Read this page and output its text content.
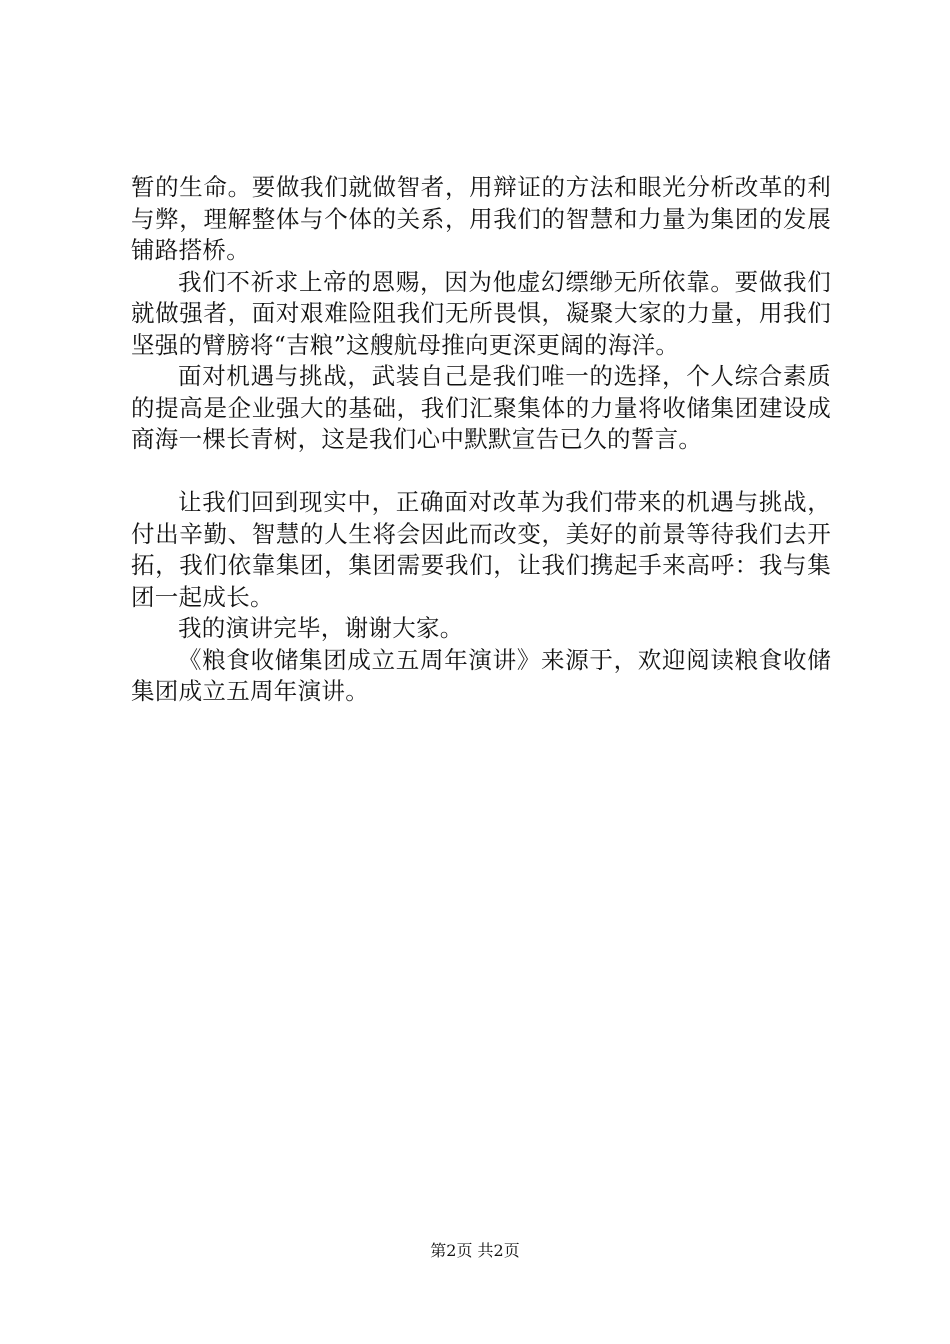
暂的生命。要做我们就做智者，用辩证的方法和眼光分析改革的利与弊，理解整体与个体的关系，用我们的智慧和力量为集团的发展铺路搭桥。

我们不祈求上帝的恩赐，因为他虚幻缥缈无所依靠。要做我们就做强者，面对艰难险阻我们无所畏惧，凝聚大家的力量，用我们坚强的臂膀将“吉粮”这艘航母推向更深更阔的海洋。

面对机遇与挑战，武装自己是我们唯一的选择，个人综合素质的提高是企业强大的基础，我们汇聚集体的力量将收储集团建设成商海一棵长青树，这是我们心中默默宣告已久的誓言。

让我们回到现实中，正确面对改革为我们带来的机遇与挑战，付出辛勤、智慧的人生将会因此而改变，美好的前景等待我们去开拓，我们依靠集团，集团需要我们，让我们携起手来高呼：我与集团一起成长。

我的演讲完毕，谢谢大家。

《粮食收储集团成立五周年演讲》来源于，欢迎阅读粮食收储集团成立五周年演讲。

第2页 共2页
